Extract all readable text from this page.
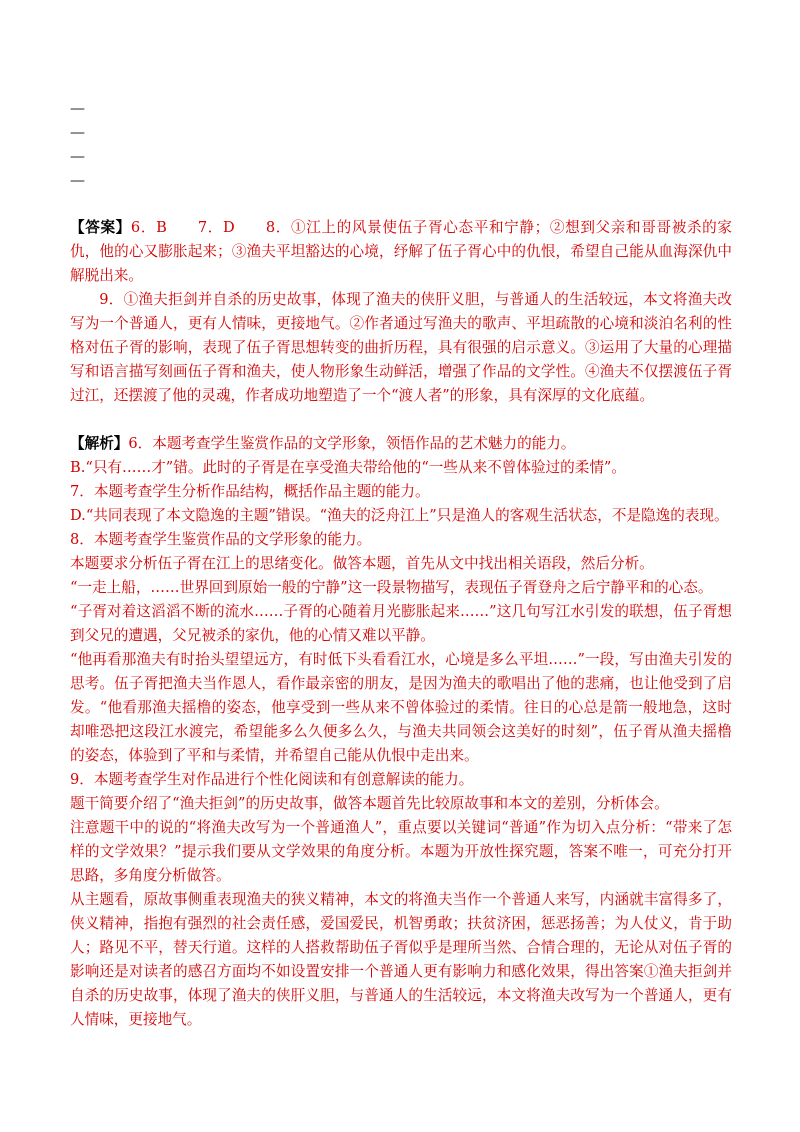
—
—
—
—

【答案】6．B　　7．D　　8．①江上的风景使伍子胥心态平和宁静；②想到父亲和哥哥被杀的家仇，他的心又膨胀起来；③渔夫平坦豁达的心境，纾解了伍子胥心中的仇恨，希望自己能从血海深仇中解脱出来。

9．①渔夫拒剑并自杀的历史故事，体现了渔夫的侠肝义胆，与普通人的生活较远，本文将渔夫改写为一个普通人，更有人情味，更接地气。②作者通过写渔夫的歌声、平坦疏散的心境和淡泊名利的性格对伍子胥的影响，表现了伍子胥思想转变的曲折历程，具有很强的启示意义。③运用了大量的心理描写和语言描写刻画伍子胥和渔夫，使人物形象生动鲜活，增强了作品的文学性。④渔夫不仅摆渡伍子胥过江，还摆渡了他的灵魂，作者成功地塑造了一个“渡人者”的形象，具有深厚的文化底蕴。

【解析】6．本题考查学生鉴赏作品的文学形象，领悟作品的艺术魅力的能力。

B.“只有……才”错。此时的子胥是在享受渔夫带给他的“一些从来不曾体验过的柔情”。

7．本题考查学生分析作品结构，概括作品主题的能力。

D.“共同表现了本文隐逸的主题”错误。“渔夫的泛舟江上”只是渔人的客观生活状态，不是隐逸的表现。

8．本题考查学生鉴赏作品的文学形象的能力。

本题要求分析伍子胥在江上的思绪变化。做答本题，首先从文中找出相关语段，然后分析。

“一走上船，……世界回到原始一般的宁静”这一段景物描写，表现伍子胥登舟之后宁静平和的心态。

“子胥对着这滔滔不断的流水……子胥的心随着月光膨胀起来……”这几句写江水引发的联想，伍子胥想到父兄的遭遇，父兄被杀的家仇，他的心情又难以平静。

“他再看那渔夫有时抬头望望远方，有时低下头看看江水，心境是多么平坦……”一段，写由渔夫引发的思考。伍子胥把渔夫当作恩人，看作最亲密的朋友，是因为渔夫的歌唱出了他的悲痛，也让他受到了启发。“他看那渔夫摇橹的姿态，他享受到一些从来不曾体验过的柔情。往日的心总是箭一般地急，这时却唯恐把这段江水渡完，希望能多么久便多么久，与渔夫共同领会这美好的时刻”，伍子胥从渔夫摇橹的姿态，体验到了平和与柔情，并希望自己能从仇恨中走出来。

9．本题考查学生对作品进行个性化阅读和有创意解读的能力。

题干简要介绍了“渔夫拒剑”的历史故事，做答本题首先比较原故事和本文的差别，分析体会。

注意题干中的说的“将渔夫改写为一个普通渔人”，重点要以关键词“普通”作为切入点分析：“带来了怎样的文学效果？”提示我们要从文学效果的角度分析。本题为开放性探究题，答案不唯一，可充分打开思路，多角度分析做答。

从主题看，原故事侧重表现渔夫的狭义精神，本文的将渔夫当作一个普通人来写，内涵就丰富得多了，侠义精神，指抱有强烈的社会责任感，爱国爱民，机智勇敢；扶贫济困，惩恶扬善；为人仗义，肯于助人；路见不平，替天行道。这样的人搭救帮助伍子胥似乎是理所当然、合情合理的，无论从对伍子胥的影响还是对读者的感召方面均不如设置安排一个普通人更有影响力和感化效果，得出答案①渔夫拒剑并自杀的历史故事，体现了渔夫的侠肝义胆，与普通人的生活较远，本文将渔夫改写为一个普通人，更有人情味，更接地气。
